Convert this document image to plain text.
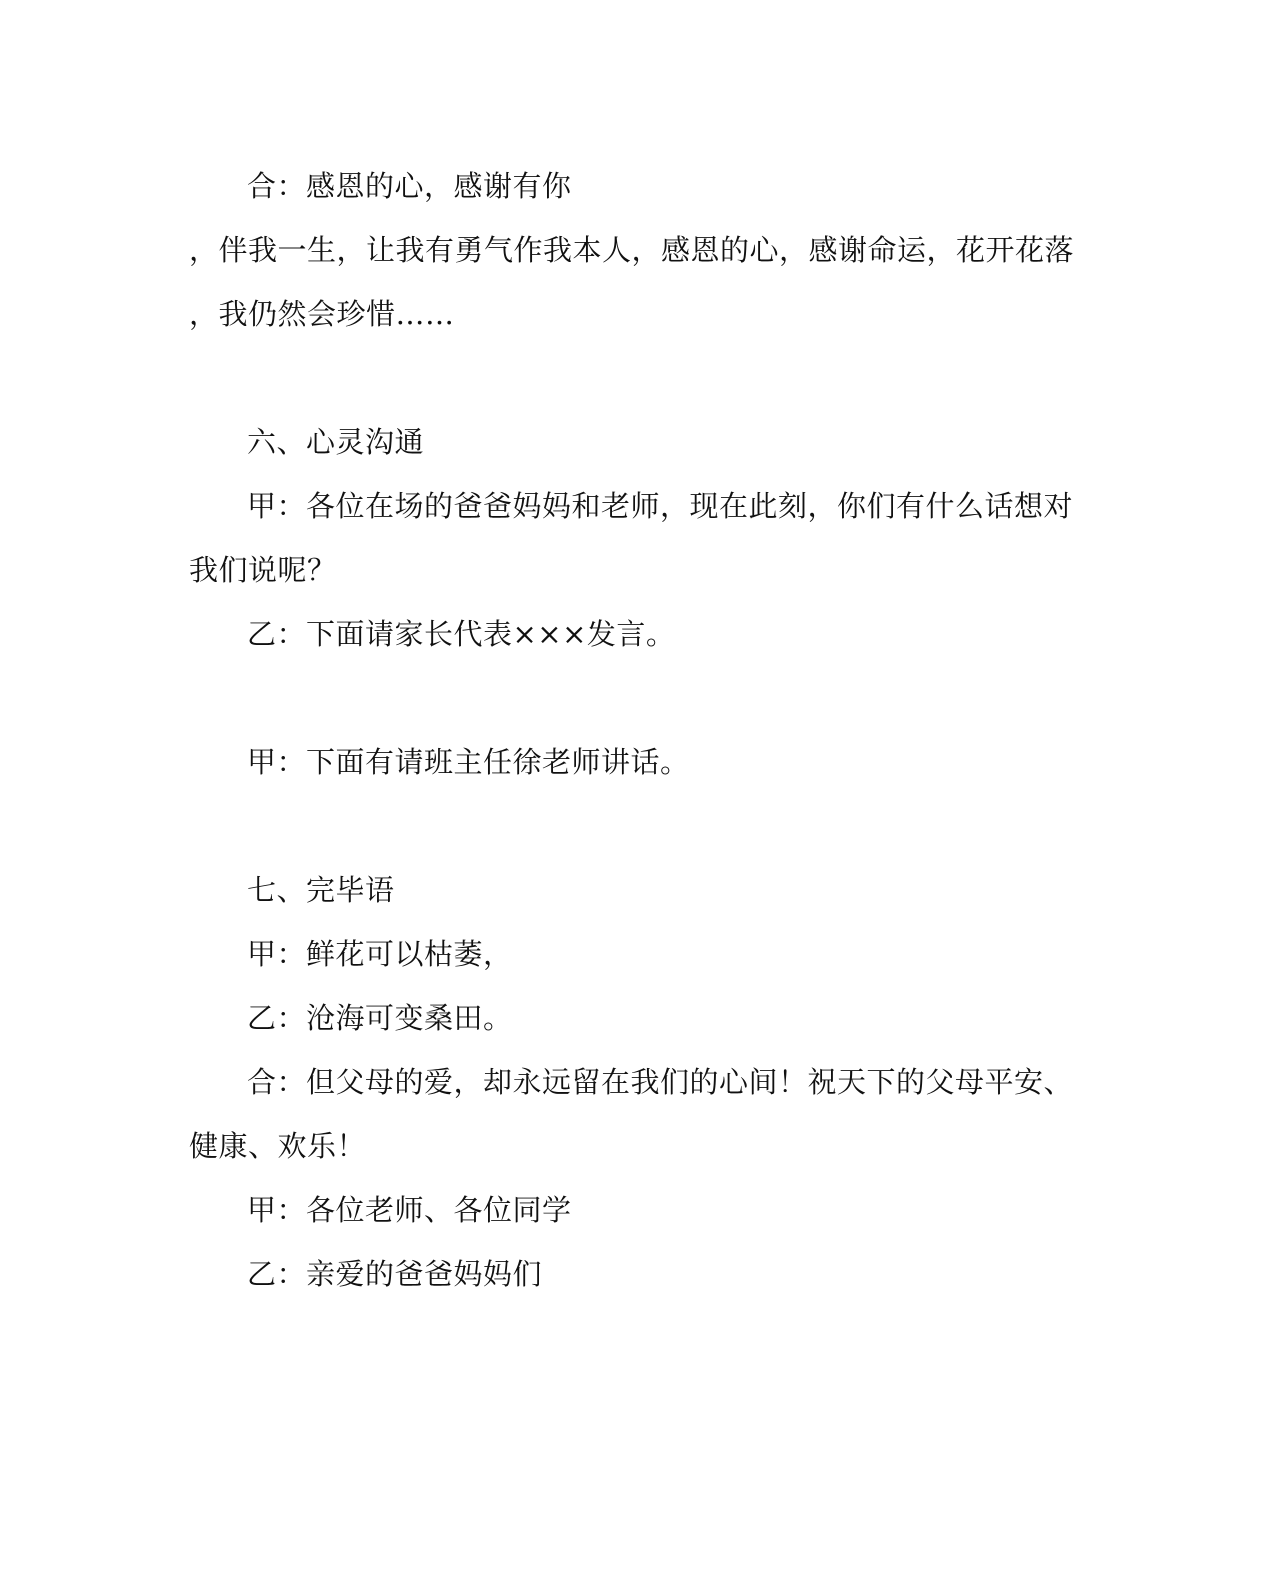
合：感恩的心，感谢有你
，伴我一生，让我有勇气作我本人，感恩的心，感谢命运，花开花落
，我仍然会珍惜……
六、心灵沟通
甲：各位在场的爸爸妈妈和老师，现在此刻，你们有什么话想对
我们说呢？
乙：下面请家长代表×××发言。
甲：下面有请班主任徐老师讲话。
七、完毕语
甲：鲜花可以枯萎，
乙：沧海可变桑田。
合：但父母的爱，却永远留在我们的心间！祝天下的父母平安、
健康、欢乐！
甲：各位老师、各位同学
乙：亲爱的爸爸妈妈们
